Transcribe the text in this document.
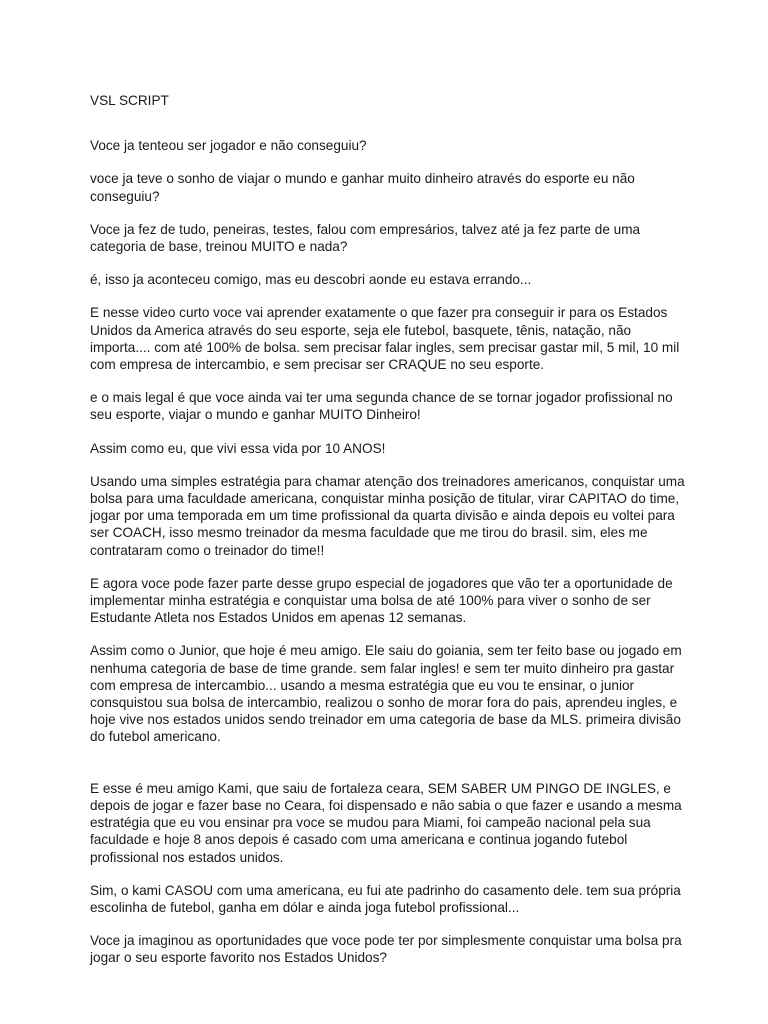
VSL SCRIPT

Voce ja tenteou ser jogador e não conseguiu?

voce ja teve o sonho de viajar o mundo e ganhar muito dinheiro através do esporte eu não conseguiu?

Voce ja fez de tudo, peneiras, testes, falou com empresários, talvez até ja fez parte de uma categoria de base, treinou MUITO e nada?

é, isso ja aconteceu comigo, mas eu descobri aonde eu estava errando...

E nesse video curto voce vai aprender exatamente o que fazer pra conseguir ir para os Estados Unidos da America através do seu esporte, seja ele futebol, basquete, tênis, natação, não importa.... com até 100% de bolsa. sem precisar falar ingles, sem precisar gastar mil, 5 mil, 10 mil com empresa de intercambio, e sem precisar ser CRAQUE no seu esporte.

e o mais legal é que voce ainda vai ter uma segunda chance de se tornar jogador profissional no seu esporte, viajar o mundo e ganhar MUITO Dinheiro!

Assim como eu, que vivi essa vida por 10 ANOS!

Usando uma simples estratégia para chamar atenção dos treinadores americanos, conquistar uma bolsa para uma faculdade americana, conquistar minha posição de titular, virar CAPITAO do time, jogar por uma temporada em um time profissional da quarta divisão e ainda depois eu voltei para ser COACH, isso mesmo treinador da mesma faculdade que me tirou do brasil. sim, eles me contrataram como o treinador do time!!

E agora voce pode fazer parte desse grupo especial de jogadores que vão ter a oportunidade de implementar minha estratégia e conquistar uma bolsa de até 100% para viver o sonho de ser Estudante Atleta nos Estados Unidos em apenas 12 semanas.

Assim como o Junior, que hoje é meu amigo. Ele saiu do goiania, sem ter feito base ou jogado em nenhuma categoria de base de time grande. sem falar ingles! e sem ter muito dinheiro pra gastar com empresa de intercambio... usando a mesma estratégia que eu vou te ensinar, o junior consquistou sua bolsa de intercambio, realizou o sonho de morar fora do pais, aprendeu ingles, e hoje vive nos estados unidos sendo treinador em uma categoria de base da MLS. primeira divisão do futebol americano.

E esse é meu amigo Kami, que saiu de fortaleza ceara, SEM SABER UM PINGO DE INGLES, e depois de jogar e fazer base no Ceara, foi dispensado e não sabia o que fazer e usando a mesma estratégia que eu vou ensinar pra voce se mudou para Miami, foi campeão nacional pela sua faculdade e hoje 8 anos depois é casado com uma americana e continua jogando futebol profissional nos estados unidos.

Sim, o kami CASOU com uma americana, eu fui ate padrinho do casamento dele. tem sua própria escolinha de futebol, ganha em dólar e ainda joga futebol profissional...

Voce ja imaginou as oportunidades que voce pode ter por simplesmente conquistar uma bolsa pra jogar o seu esporte favorito nos Estados Unidos?
